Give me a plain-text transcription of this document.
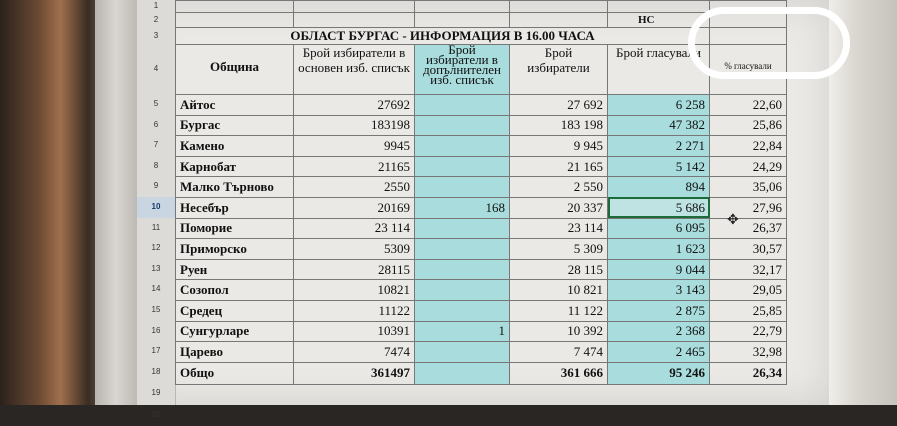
1
2
3
4
5
6
7
8
9
10
11
12
13
14
15
16
17
18
19
20

				НС	
ОБЛАСТ БУРГАС - ИНФОРМАЦИЯ В 16.00 ЧАСА					
Община	Брой избиратели в основен изб. списък	Брой избиратели в допълнителен изб. списък	Брой избиратели	Брой гласували	% гласували
Айтос	27692		27 692	6 258	22,60
Бургас	183198		183 198	47 382	25,86
Камено	9945		9 945	2 271	22,84
Карнобат	21165		21 165	5 142	24,29
Малко Търново	2550		2 550	894	35,06
Несебър	20169	168	20 337	5 686	27,96
Поморие	23 114		23 114	6 095	26,37
Приморско	5309		5 309	1 623	30,57
Руен	28115		28 115	9 044	32,17
Созопол	10821		10 821	3 143	29,05
Средец	11122		11 122	2 875	25,85
Сунгурларе	10391	1	10 392	2 368	22,79
Царево	7474		7 474	2 465	32,98
Общо	361497		361 666	95 246	26,34
✥
